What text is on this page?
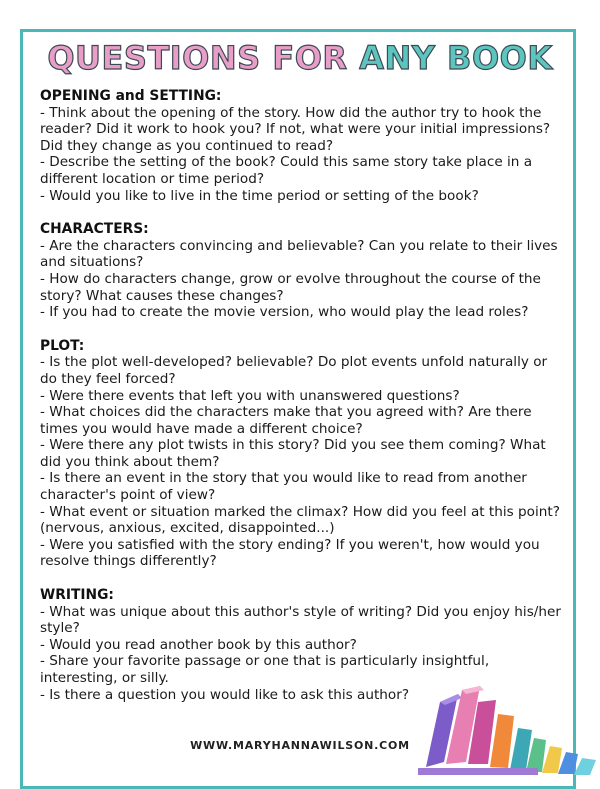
QUESTIONS FOR ANY BOOK
OPENING and SETTING:

- Think about the opening of the story. How did the author try to hook the reader? Did it work to hook you? If not, what were your initial impressions? Did they change as you continued to read?

- Describe the setting of the book? Could this same story take place in a different location or time period?

- Would you like to live in the time period or setting of the book?

CHARACTERS:

- Are the characters convincing and believable? Can you relate to their lives and situations?

- How do characters change, grow or evolve throughout the course of the story? What causes these changes?

- If you had to create the movie version, who would play the lead roles?

PLOT:

- Is the plot well-developed? believable? Do plot events unfold naturally or do they feel forced?

- Were there events that left you with unanswered questions?

- What choices did the characters make that you agreed with? Are there times you would have made a different choice?

- Were there any plot twists in this story? Did you see them coming? What did you think about them?

- Is there an event in the story that you would like to read from another character's point of view?

- What event or situation marked the climax? How did you feel at this point? (nervous, anxious, excited, disappointed...)

- Were you satisfied with the story ending? If you weren't, how would you resolve things differently?

WRITING:

- What was unique about this author's style of writing? Did you enjoy his/her style?

- Would you read another book by this author?

- Share your favorite passage or one that is particularly insightful, interesting, or silly.

- Is there a question you would like to ask this author?

WWW.MARYHANNAWILSON.COM
